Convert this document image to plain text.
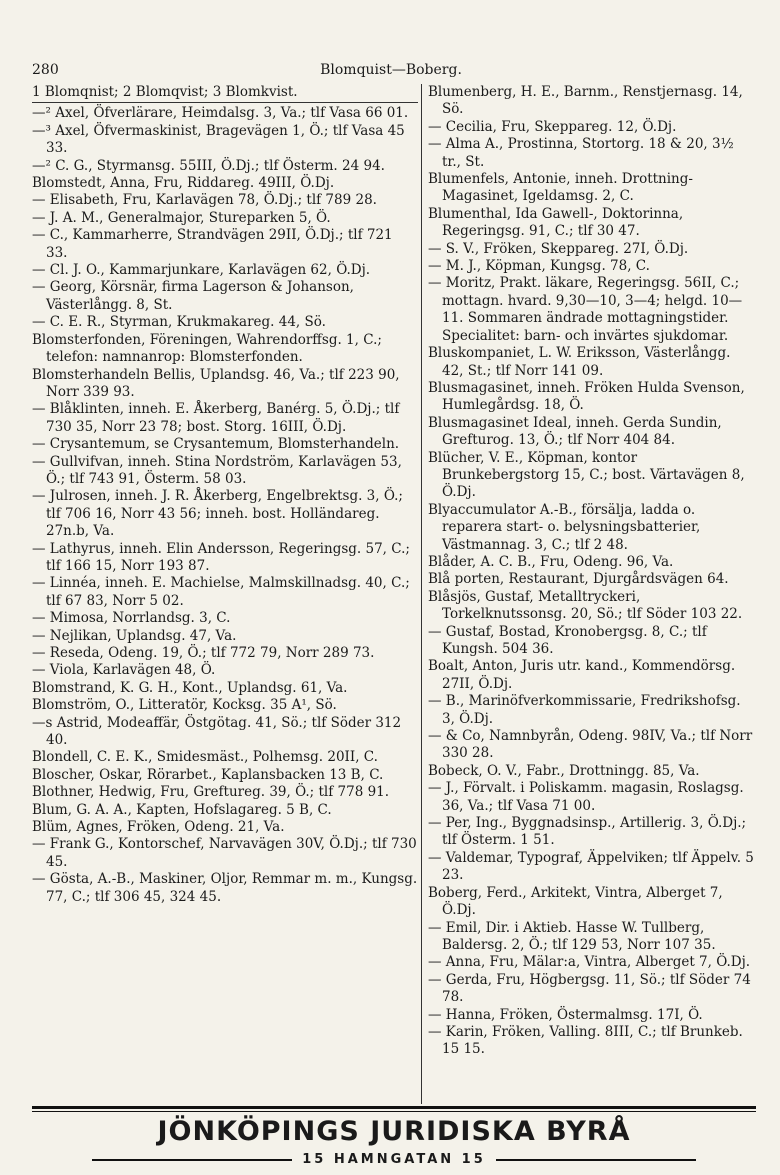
280	Blomquist—Boberg.

1 Blomqnist; 2 Blomqvist; 3 Blomkvist.

—² Axel, Öfverlärare, Heimdalsg. 3, Va.; tlf Vasa 66 01.

—³ Axel, Öfvermaskinist, Bragevägen 1, Ö.; tlf Vasa 45 33.

—² C. G., Styrmansg. 55III, Ö.Dj.; tlf Österm. 24 94.

Blomstedt, Anna, Fru, Riddareg. 49III, Ö.Dj.

— Elisabeth, Fru, Karlavägen 78, Ö.Dj.; tlf 789 28.

— J. A. M., Generalmajor, Stureparken 5, Ö.

— C., Kammarherre, Strandvägen 29II, Ö.Dj.; tlf 721 33.

— Cl. J. O., Kammarjunkare, Karlavägen 62, Ö.Dj.

— Georg, Körsnär, firma Lagerson & Johanson, Västerlångg. 8, St.

— C. E. R., Styrman, Krukmakareg. 44, Sö.

Blomsterfonden, Föreningen, Wahrendorffsg. 1, C.; telefon: namnanrop: Blomsterfonden.

Blomsterhandeln Bellis, Uplandsg. 46, Va.; tlf 223 90, Norr 339 93.

— Blåklinten, inneh. E. Åkerberg, Banérg. 5, Ö.Dj.; tlf 730 35, Norr 23 78; bost. Storg. 16III, Ö.Dj.

— Crysantemum, se Crysantemum, Blomsterhandeln.

— Gullvifvan, inneh. Stina Nordström, Karlavägen 53, Ö.; tlf 743 91, Österm. 58 03.

— Julrosen, inneh. J. R. Åkerberg, Engelbrektsg. 3, Ö.; tlf 706 16, Norr 43 56; inneh. bost. Holländareg. 27n.b, Va.

— Lathyrus, inneh. Elin Andersson, Regeringsg. 57, C.; tlf 166 15, Norr 193 87.

— Linnéa, inneh. E. Machielse, Malmskillnadsg. 40, C.; tlf 67 83, Norr 5 02.

— Mimosa, Norrlandsg. 3, C.

— Nejlikan, Uplandsg. 47, Va.

— Reseda, Odeng. 19, Ö.; tlf 772 79, Norr 289 73.

— Viola, Karlavägen 48, Ö.

Blomstrand, K. G. H., Kont., Uplandsg. 61, Va.

Blomström, O., Litteratör, Kocksg. 35 A¹, Sö.

—s Astrid, Modeaffär, Östgötag. 41, Sö.; tlf Söder 312 40.

Blondell, C. E. K., Smidesmäst., Polhemsg. 20II, C.

Bloscher, Oskar, Rörarbet., Kaplansbacken 13 B, C.

Blothner, Hedwig, Fru, Greftureg. 39, Ö.; tlf 778 91.

Blum, G. A. A., Kapten, Hofslagareg. 5 B, C.

Blüm, Agnes, Fröken, Odeng. 21, Va.

— Frank G., Kontorschef, Narvavägen 30V, Ö.Dj.; tlf 730 45.

— Gösta, A.-B., Maskiner, Oljor, Remmar m. m., Kungsg. 77, C.; tlf 306 45, 324 45.

Blumenberg, H. E., Barnm., Renstjernasg. 14, Sö.

— Cecilia, Fru, Skeppareg. 12, Ö.Dj.

— Alma A., Prostinna, Stortorg. 18 & 20, 3½ tr., St.

Blumenfels, Antonie, inneh. Drottning-Magasinet, Igeldamsg. 2, C.

Blumenthal, Ida Gawell-, Doktorinna, Regeringsg. 91, C.; tlf 30 47.

— S. V., Fröken, Skeppareg. 27I, Ö.Dj.

— M. J., Köpman, Kungsg. 78, C.

— Moritz, Prakt. läkare, Regeringsg. 56II, C.; mottagn. hvard. 9,30—10, 3—4; helgd. 10—11. Sommaren ändrade mottagningstider. Specialitet: barn- och invärtes sjukdomar.

Bluskompaniet, L. W. Eriksson, Västerlångg. 42, St.; tlf Norr 141 09.

Blusmagasinet, inneh. Fröken Hulda Svenson, Humlegårdsg. 18, Ö.

Blusmagasinet Ideal, inneh. Gerda Sundin, Grefturog. 13, Ö.; tlf Norr 404 84.

Blücher, V. E., Köpman, kontor Brunkebergstorg 15, C.; bost. Värtavägen 8, Ö.Dj.

Blyaccumulator A.-B., försälja, ladda o. reparera start- o. belysningsbatterier, Västmannag. 3, C.; tlf 2 48.

Blåder, A. C. B., Fru, Odeng. 96, Va.

Blå porten, Restaurant, Djurgårdsvägen 64.

Blåsjös, Gustaf, Metalltryckeri, Torkelknutssonsg. 20, Sö.; tlf Söder 103 22.

— Gustaf, Bostad, Kronobergsg. 8, C.; tlf Kungsh. 504 36.

Boalt, Anton, Juris utr. kand., Kommendörsg. 27II, Ö.Dj.

— B., Marinöfverkommissarie, Fredrikshofsg. 3, Ö.Dj.

— & Co, Namnbyrån, Odeng. 98IV, Va.; tlf Norr 330 28.

Bobeck, O. V., Fabr., Drottningg. 85, Va.

— J., Förvalt. i Poliskamm. magasin, Roslagsg. 36, Va.; tlf Vasa 71 00.

— Per, Ing., Byggnadsinsp., Artillerig. 3, Ö.Dj.; tlf Österm. 1 51.

— Valdemar, Typograf, Äppelviken; tlf Äppelv. 5 23.

Boberg, Ferd., Arkitekt, Vintra, Alberget 7, Ö.Dj.

— Emil, Dir. i Aktieb. Hasse W. Tullberg, Baldersg. 2, Ö.; tlf 129 53, Norr 107 35.

— Anna, Fru, Mälar:a, Vintra, Alberget 7, Ö.Dj.

— Gerda, Fru, Högbergsg. 11, Sö.; tlf Söder 74 78.

— Hanna, Fröken, Östermalmsg. 17I, Ö.

— Karin, Fröken, Valling. 8III, C.; tlf Brunkeb. 15 15.

JÖNKÖPINGS JURIDISKA BYRÅ
15 HAMNGATAN 15
